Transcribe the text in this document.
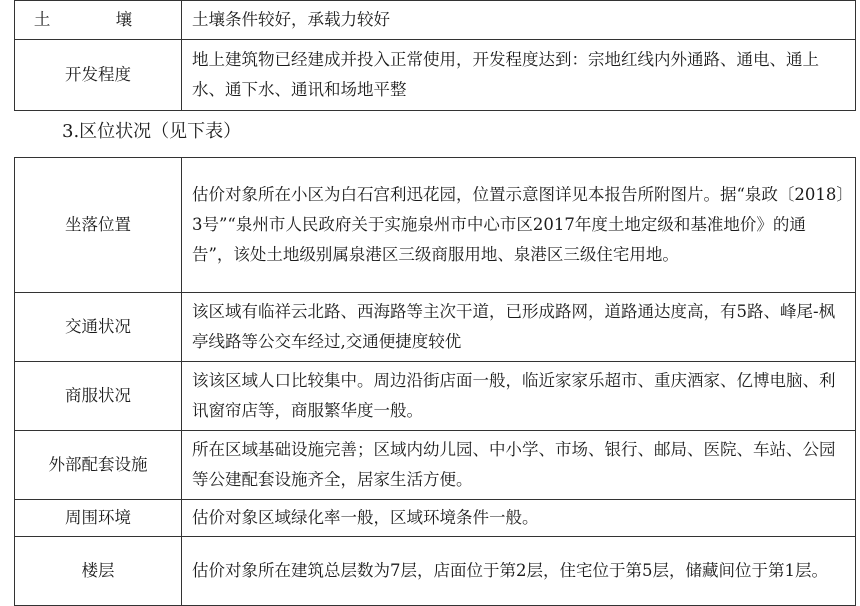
土 壤	土壤条件较好，承载力较好
开发程度	地上建筑物已经建成并投入正常使用，开发程度达到：宗地红线内外通路、通电、通上水、通下水、通讯和场地平整
3.区位状况（见下表）
坐落位置	估价对象所在小区为白石宫利迅花园，位置示意图详见本报告所附图片。据“泉政〔2018〕3号”“泉州市人民政府关于实施泉州市中心市区2017年度土地定级和基准地价》的通告”，该处土地级别属泉港区三级商服用地、泉港区三级住宅用地。
交通状况	该区域有临祥云北路、西海路等主次干道，已形成路网，道路通达度高，有5路、峰尾-枫亭线路等公交车经过,交通便捷度较优
商服状况	该该区域人口比较集中。周边沿街店面一般，临近家家乐超市、重庆酒家、亿博电脑、利讯窗帘店等，商服繁华度一般。
外部配套设施	所在区域基础设施完善；区域内幼儿园、中小学、市场、银行、邮局、医院、车站、公园等公建配套设施齐全，居家生活方便。
周围环境	估价对象区域绿化率一般，区域环境条件一般。
楼层	估价对象所在建筑总层数为7层，店面位于第2层，住宅位于第5层，储藏间位于第1层。
